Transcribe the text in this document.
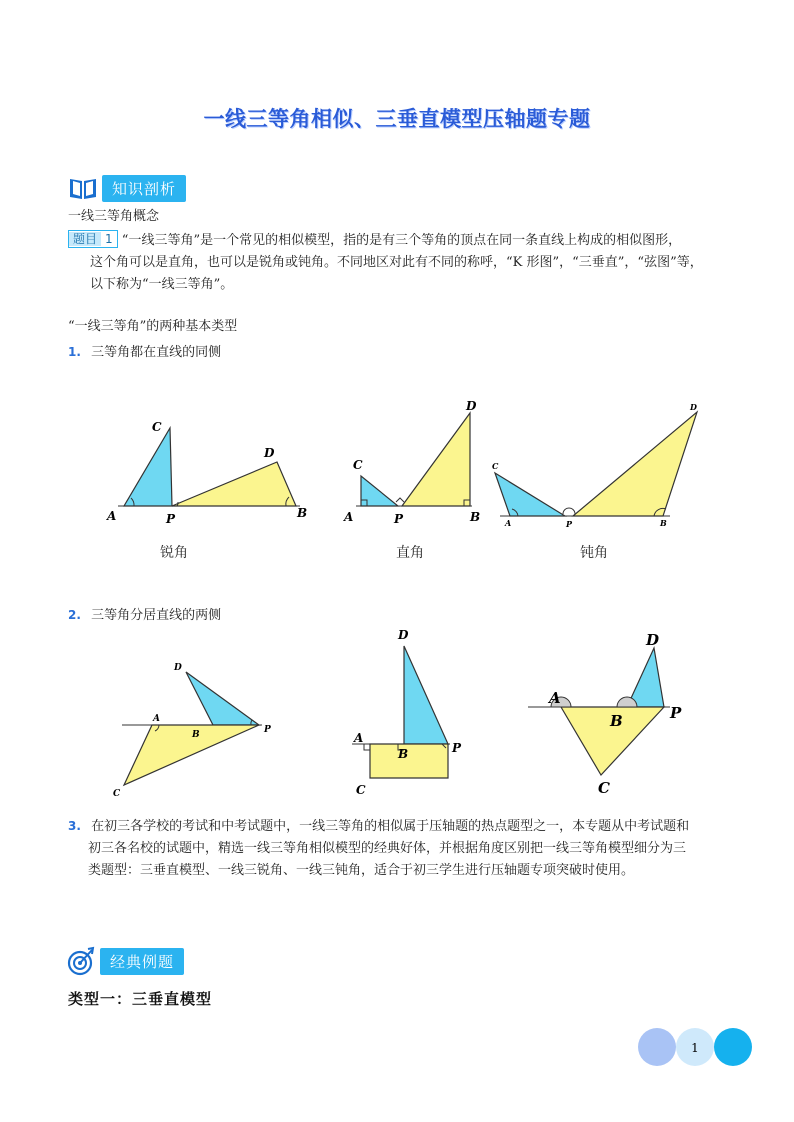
一线三等角相似、三垂直模型压轴题专题
知识剖析
一线三等角概念
题目 1 “一线三等角”是一个常见的相似模型，指的是有三个等角的顶点在同一条直线上构成的相似图形，
这个角可以是直角，也可以是锐角或钝角。不同地区对此有不同的称呼，“K 形图”，“三垂直”，“弦图”等，
以下称为“一线三等角”。
“一线三等角”的两种基本类型
1. 三等角都在直线的同侧
A
C
P
D
B	A
C
P
D
B
C
A	P
D
B
锐角	直角	钝角
2. 三等角分居直线的两侧
D
A
B	P
C
D
A
B	P
C
D
A
B	P
C
3. 在初三各学校的考试和中考试题中，一线三等角的相似属于压轴题的热点题型之一，本专题从中考试题和
初三各名校的试题中，精选一线三等角相似模型的经典好体，并根据角度区别把一线三等角模型细分为三
类题型：三垂直模型、一线三锐角、一线三钝角，适合于初三学生进行压轴题专项突破时使用。
经典例题
类型一：三垂直模型
1
